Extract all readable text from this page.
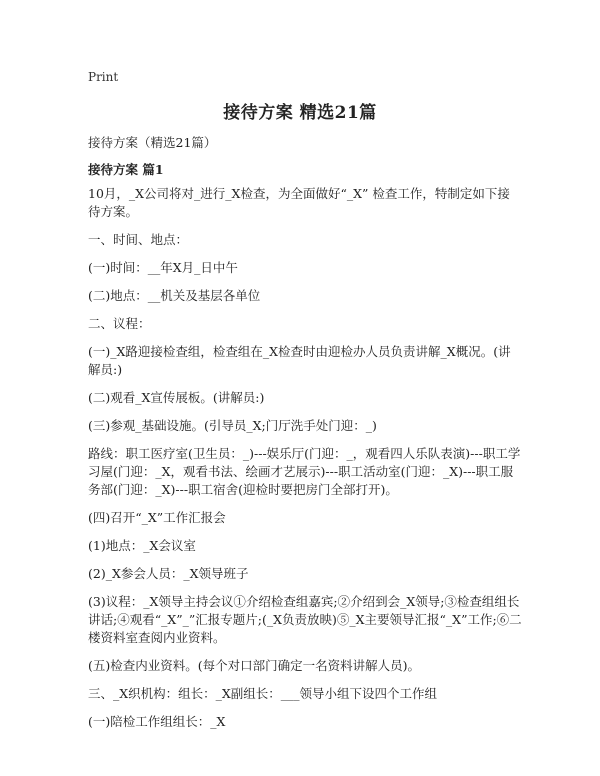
Print
接待方案 精选21篇
接待方案（精选21篇）
接待方案 篇1

10月，_X公司将对_进行_X检查，为全面做好“_X” 检查工作，特制定如下接待方案。

一、时间、地点：

(一)时间：__年X月_日中午

(二)地点：__机关及基层各单位

二、议程：

(一)_X路迎接检查组，检查组在_X检查时由迎检办人员负责讲解_X概况。(讲解员:)

(二)观看_X宣传展板。(讲解员:)

(三)参观_基础设施。(引导员_X;门厅洗手处门迎：_)

路线：职工医疗室(卫生员：_)---娱乐厅(门迎：_，观看四人乐队表演)---职工学习屋(门迎：_X，观看书法、绘画才艺展示)---职工活动室(门迎：_X)---职工服务部(门迎：_X)---职工宿舍(迎检时要把房门全部打开)。

(四)召开“_X”工作汇报会

(1)地点：_X会议室

(2)_X参会人员：_X领导班子

(3)议程：_X领导主持会议①介绍检查组嘉宾;②介绍到会_X领导;③检查组组长讲话;④观看“_X”_”汇报专题片;(_X负责放映)⑤_X主要领导汇报“_X”工作;⑥二楼资料室查阅内业资料。

(五)检查内业资料。(每个对口部门确定一名资料讲解人员)。

三、_X织机构：组长：_X副组长：___领导小组下设四个工作组

(一)陪检工作组组长：_X
